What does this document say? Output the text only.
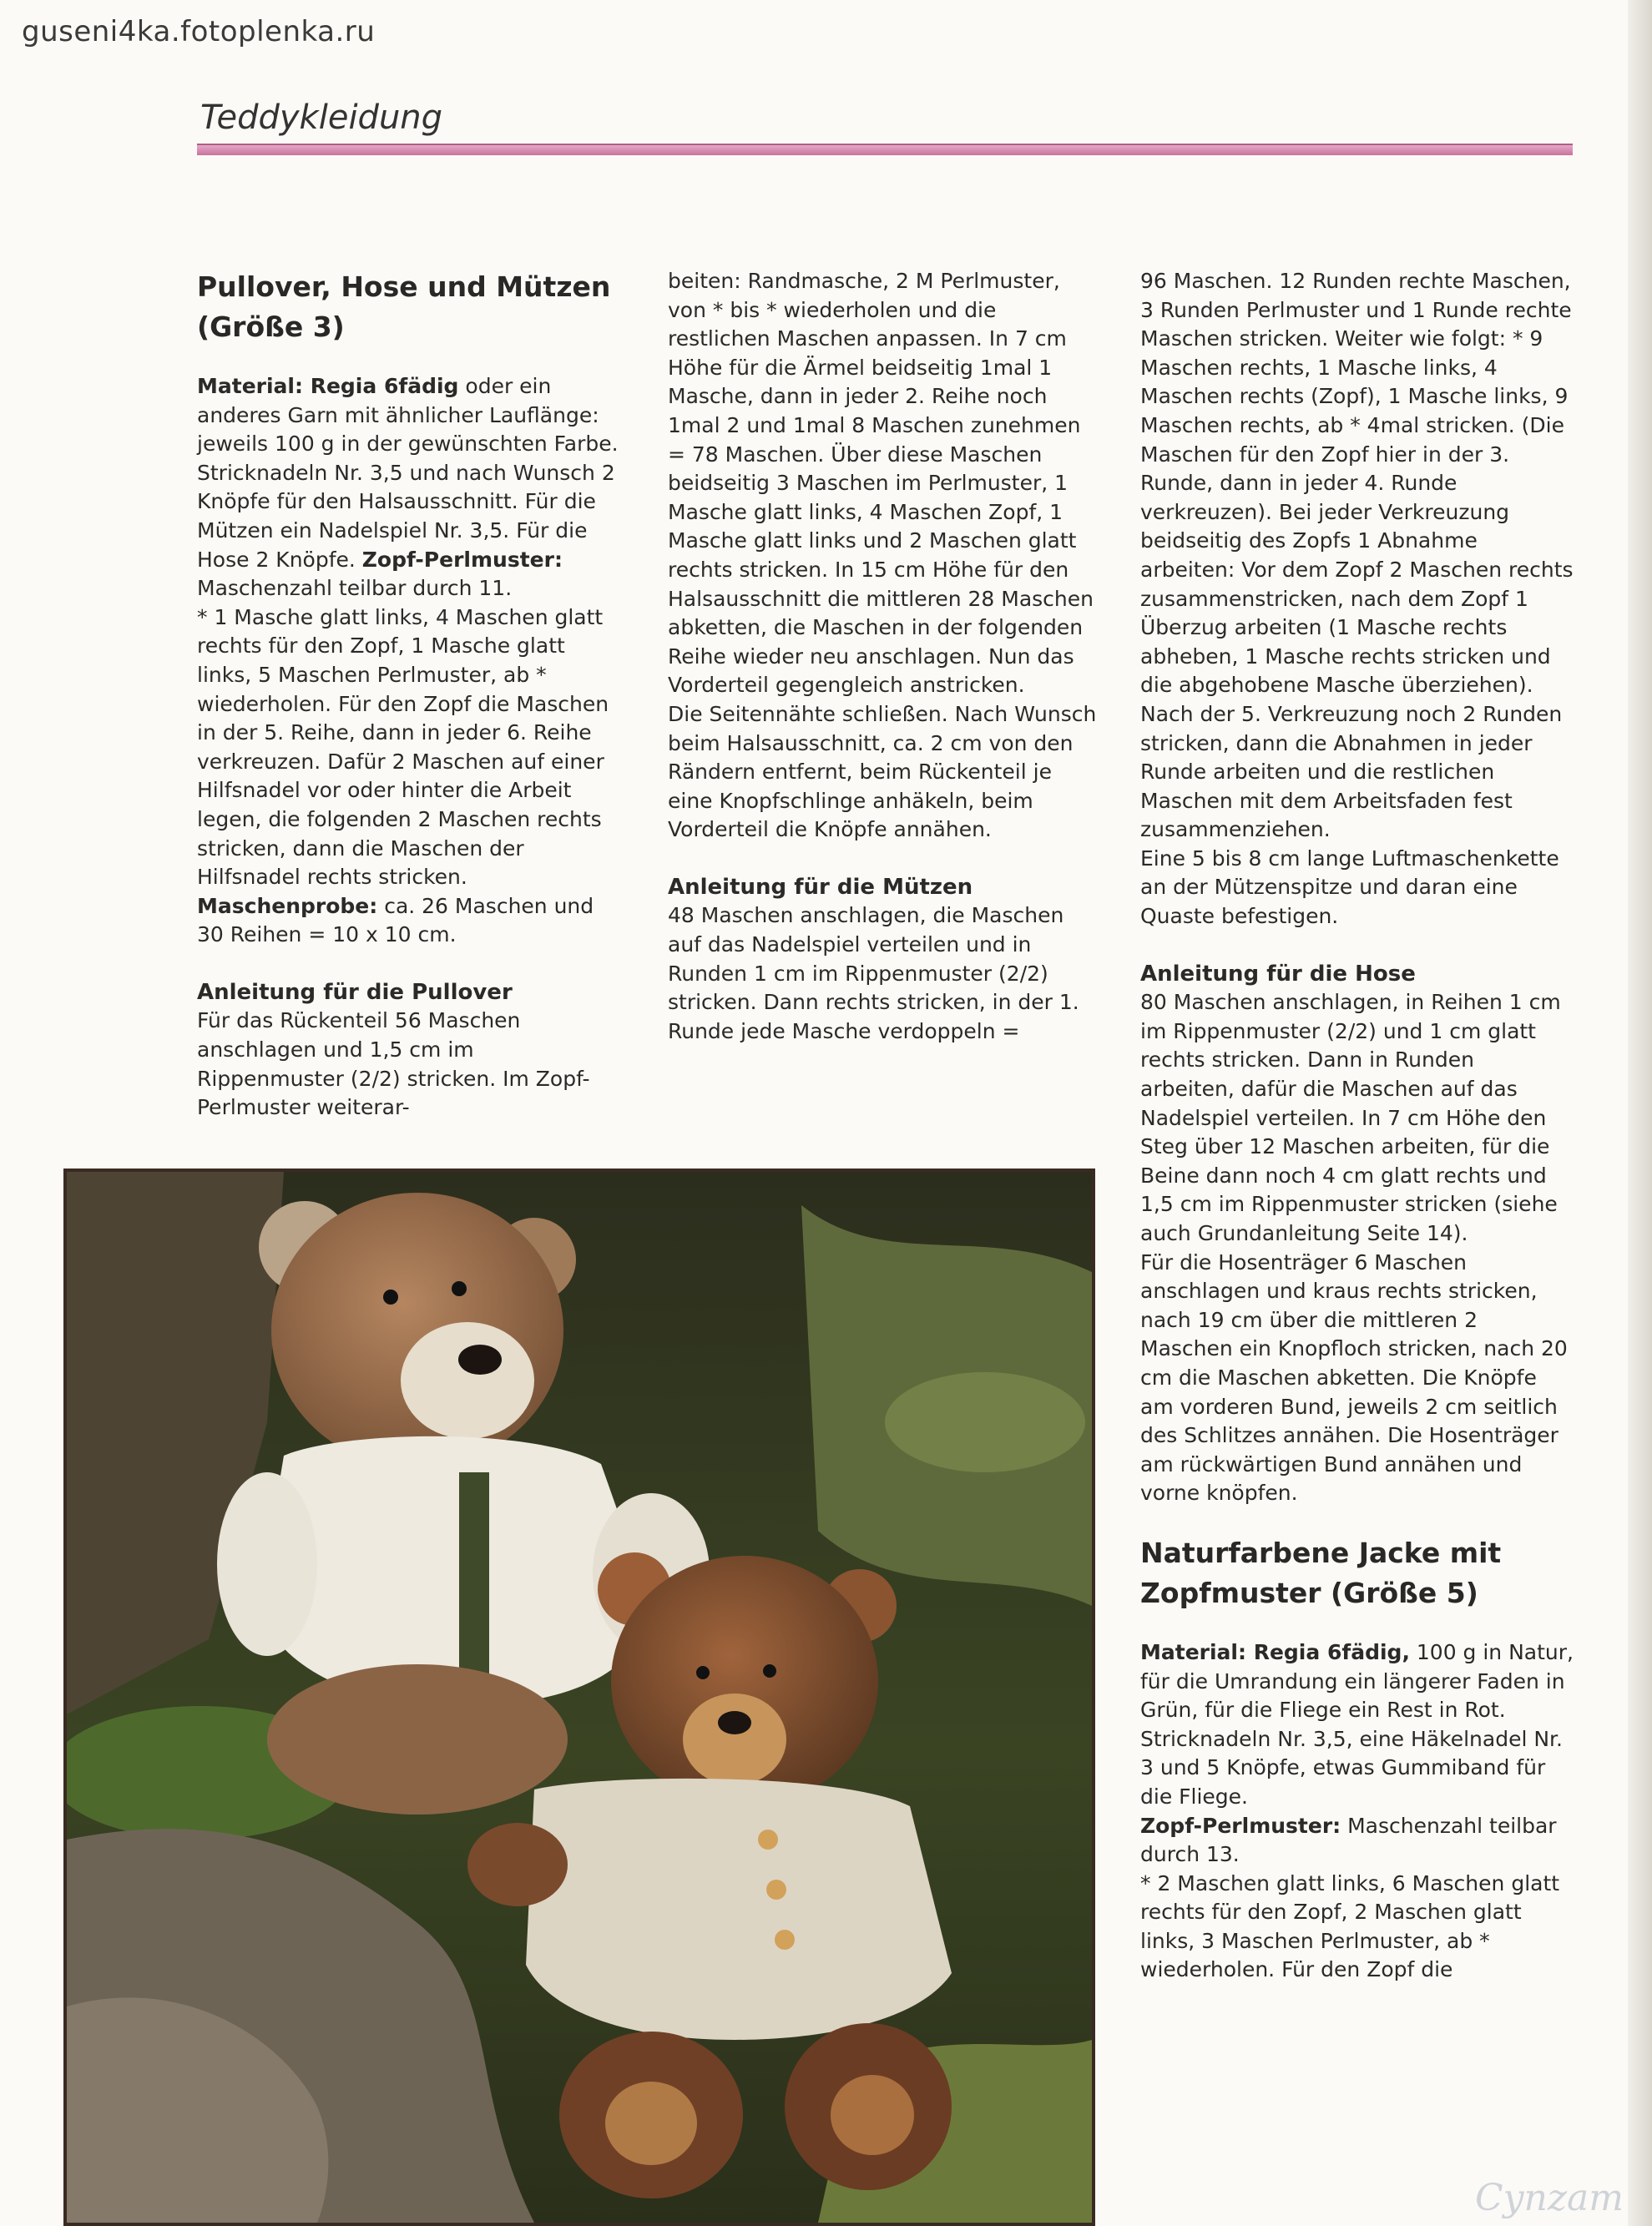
guseni4ka.fotoplenka.ru
Teddykleidung
Pullover, Hose und Mützen (Größe 3)

Material: Regia 6fädig oder ein anderes Garn mit ähnlicher Lauflänge: jeweils 100 g in der gewünschten Farbe. Stricknadeln Nr. 3,5 und nach Wunsch 2 Knöpfe für den Halsausschnitt. Für die Mützen ein Nadelspiel Nr. 3,5. Für die Hose 2 Knöpfe. Zopf-Perlmuster: Maschenzahl teilbar durch 11.

* 1 Masche glatt links, 4 Maschen glatt rechts für den Zopf, 1 Masche glatt links, 5 Maschen Perlmuster, ab * wiederholen. Für den Zopf die Maschen in der 5. Reihe, dann in jeder 6. Reihe verkreuzen. Dafür 2 Maschen auf einer Hilfsnadel vor oder hinter die Arbeit legen, die folgenden 2 Maschen rechts stricken, dann die Maschen der Hilfsnadel rechts stricken.

Maschenprobe: ca. 26 Maschen und 30 Reihen = 10 x 10 cm.

Anleitung für die Pullover

Für das Rückenteil 56 Maschen anschlagen und 1,5 cm im Rippenmuster (2/2) stricken. Im Zopf-Perlmuster weiterar-

beiten: Randmasche, 2 M Perlmuster, von * bis * wiederholen und die restlichen Maschen anpassen. In 7 cm Höhe für die Ärmel beidseitig 1mal 1 Masche, dann in jeder 2. Reihe noch 1mal 2 und 1mal 8 Maschen zunehmen = 78 Maschen. Über diese Maschen beidseitig 3 Maschen im Perlmuster, 1 Masche glatt links, 4 Maschen Zopf, 1 Masche glatt links und 2 Maschen glatt rechts stricken. In 15 cm Höhe für den Halsausschnitt die mittleren 28 Maschen abketten, die Maschen in der folgenden Reihe wieder neu anschlagen. Nun das Vorderteil gegengleich anstricken.

Die Seitennähte schließen. Nach Wunsch beim Halsausschnitt, ca. 2 cm von den Rändern entfernt, beim Rückenteil je eine Knopfschlinge anhäkeln, beim Vorderteil die Knöpfe annähen.

Anleitung für die Mützen

48 Maschen anschlagen, die Maschen auf das Nadelspiel verteilen und in Runden 1 cm im Rippenmuster (2/2) stricken. Dann rechts stricken, in der 1. Runde jede Masche verdoppeln =

96 Maschen. 12 Runden rechte Maschen, 3 Runden Perlmuster und 1 Runde rechte Maschen stricken. Weiter wie folgt: * 9 Maschen rechts, 1 Masche links, 4 Maschen rechts (Zopf), 1 Masche links, 9 Maschen rechts, ab * 4mal stricken. (Die Maschen für den Zopf hier in der 3. Runde, dann in jeder 4. Runde verkreuzen). Bei jeder Verkreuzung beidseitig des Zopfs 1 Abnahme arbeiten: Vor dem Zopf 2 Maschen rechts zusammenstricken, nach dem Zopf 1 Überzug arbeiten (1 Masche rechts abheben, 1 Masche rechts stricken und die abgehobene Masche überziehen). Nach der 5. Verkreuzung noch 2 Runden stricken, dann die Abnahmen in jeder Runde arbeiten und die restlichen Maschen mit dem Arbeitsfaden fest zusammenziehen.

Eine 5 bis 8 cm lange Luftmaschenkette an der Mützenspitze und daran eine Quaste befestigen.

Anleitung für die Hose

80 Maschen anschlagen, in Reihen 1 cm im Rippenmuster (2/2) und 1 cm glatt rechts stricken. Dann in Runden arbeiten, dafür die Maschen auf das Nadelspiel verteilen. In 7 cm Höhe den Steg über 12 Maschen arbeiten, für die Beine dann noch 4 cm glatt rechts und 1,5 cm im Rippenmuster stricken (siehe auch Grundanleitung Seite 14).

Für die Hosenträger 6 Maschen anschlagen und kraus rechts stricken, nach 19 cm über die mittleren 2 Maschen ein Knopfloch stricken, nach 20 cm die Maschen abketten. Die Knöpfe am vorderen Bund, jeweils 2 cm seitlich des Schlitzes annähen. Die Hosenträger am rückwärtigen Bund annähen und vorne knöpfen.

Naturfarbene Jacke mit Zopfmuster (Größe 5)

Material: Regia 6fädig, 100 g in Natur, für die Umrandung ein längerer Faden in Grün, für die Fliege ein Rest in Rot. Stricknadeln Nr. 3,5, eine Häkelnadel Nr. 3 und 5 Knöpfe, etwas Gummiband für die Fliege.

Zopf-Perlmuster: Maschenzahl teilbar durch 13.

* 2 Maschen glatt links, 6 Maschen glatt rechts für den Zopf, 2 Maschen glatt links, 3 Maschen Perlmuster, ab * wiederholen. Für den Zopf die

Cynzam
